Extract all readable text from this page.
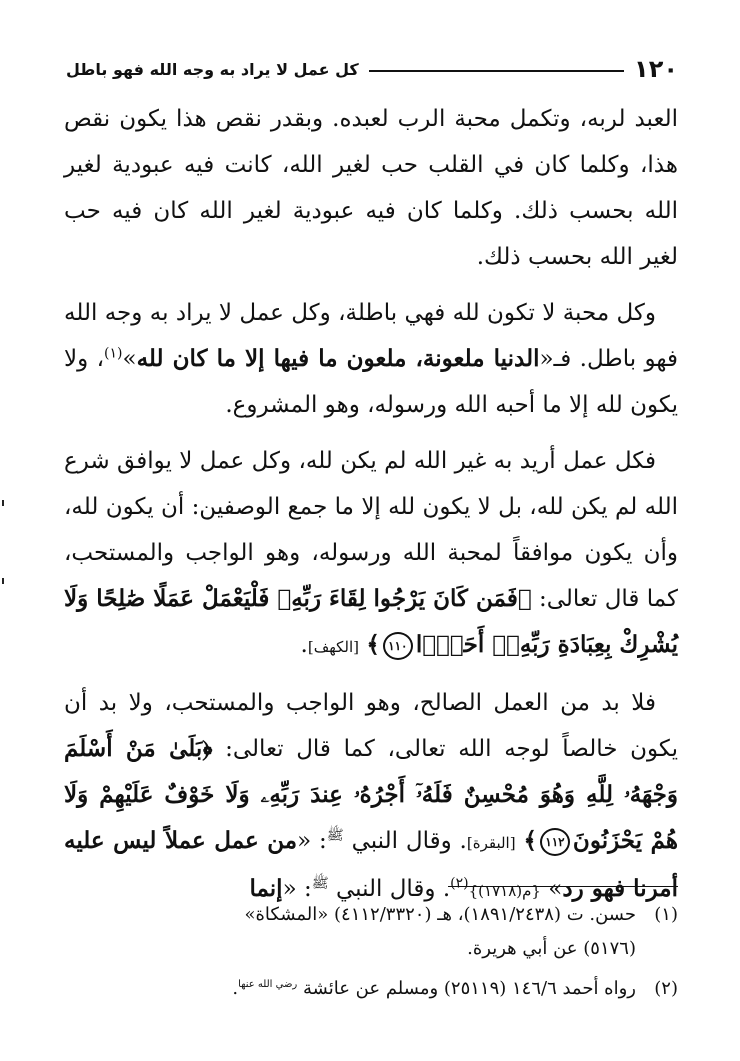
١٢٠
كل عمل لا يراد به وجه الله فهو باطل

العبد لربه، وتكمل محبة الرب لعبده. وبقدر نقص هذا يكون نقص هذا، وكلما كان في القلب حب لغير الله، كانت فيه عبودية لغير الله بحسب ذلك. وكلما كان فيه عبودية لغير الله كان فيه حب لغير الله بحسب ذلك.

وكل محبة لا تكون لله فهي باطلة، وكل عمل لا يراد به وجه الله فهو باطل. فـ«الدنيا ملعونة، ملعون ما فيها إلا ما كان لله»$^{(١)}$، ولا يكون لله إلا ما أحبه الله ورسوله، وهو المشروع.

فكل عمل أريد به غير الله لم يكن لله، وكل عمل لا يوافق شرع الله لم يكن لله، بل لا يكون لله إلا ما جمع الوصفين: أن يكون لله، وأن يكون موافقاً لمحبة الله ورسوله، وهو الواجب والمستحب، كما قال تعالى: ﴿فَمَن كَانَ يَرْجُوا لِقَاءَ رَبِّهِۦ فَلْيَعْمَلْ عَمَلًا صَٰلِحًا وَلَا يُشْرِكْ بِعِبَادَةِ رَبِّهِۦٓ أَحَدًۢا١١٠﴾ [الكهف].

فلا بد من العمل الصالح، وهو الواجب والمستحب، ولا بد أن يكون خالصاً لوجه الله تعالى، كما قال تعالى: ﴿بَلَىٰ مَنْ أَسْلَمَ وَجْهَهُۥ لِلَّهِ وَهُوَ مُحْسِنٌ فَلَهُۥٓ أَجْرُهُۥ عِندَ رَبِّهِۦ وَلَا خَوْفٌ عَلَيْهِمْ وَلَا هُمْ يَحْزَنُونَ١١٢﴾ [البقرة]. وقال النبي $^ﷺ$: «من عمل عملاً ليس عليه أمرنا فهو رد» {م(١٧١٨)}$^{(٢)}$. وقال النبي $^ﷺ$: «إنما

(١)حسن. ت (١٨٩١/٢٤٣٨)، هـ (٤١١٢/٣٣٢٠) «المشكاة»
(٥١٧٦) عن أبي هريرة.
(٢)رواه أحمد ١٤٦/٦ (٢٥١١٩) ومسلم عن عائشة $^{رضي الله عنها}$.
